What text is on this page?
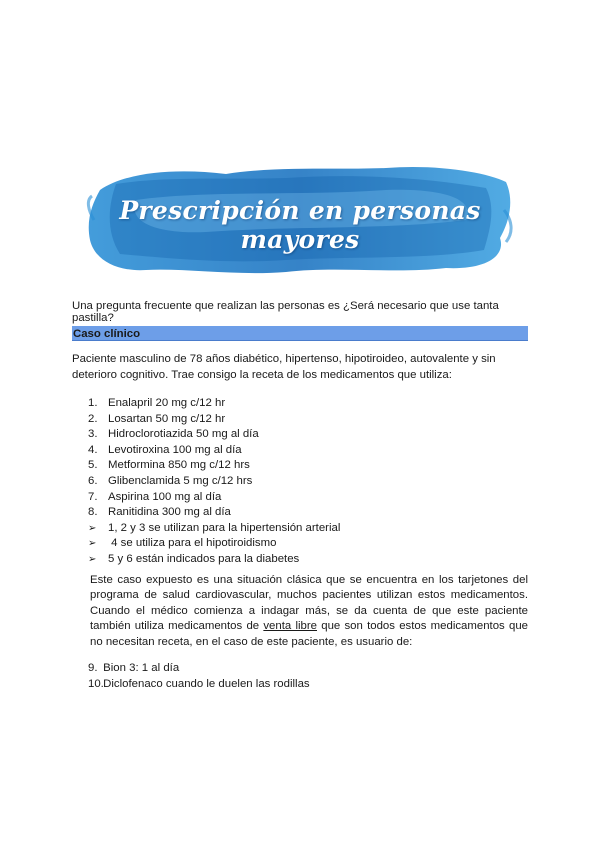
Prescripción en personas mayores
Una pregunta frecuente que realizan las personas es ¿Será necesario que use tanta pastilla?
Caso clínico
Paciente masculino de 78 años diabético, hipertenso, hipotiroideo, autovalente y sin deterioro cognitivo. Trae consigo la receta de los medicamentos que utiliza:
1. Enalapril 20 mg c/12 hr
2. Losartan 50 mg c/12 hr
3. Hidroclorotiazida 50 mg al día
4. Levotiroxina 100 mg al día
5. Metformina 850 mg c/12 hrs
6. Glibenclamida 5 mg c/12 hrs
7. Aspirina 100 mg al día
8. Ranitidina 300 mg al día
➢ 1, 2 y 3 se utilizan para la hipertensión arterial
➢ 4 se utiliza para el hipotiroidismo
➢ 5 y 6 están indicados para la diabetes
Este caso expuesto es una situación clásica que se encuentra en los tarjetones del programa de salud cardiovascular, muchos pacientes utilizan estos medicamentos. Cuando el médico comienza a indagar más, se da cuenta de que este paciente también utiliza medicamentos de venta libre que son todos estos medicamentos que no necesitan receta, en el caso de este paciente, es usuario de:
9. Bion 3: 1 al día
10. Diclofenaco cuando le duelen las rodillas
